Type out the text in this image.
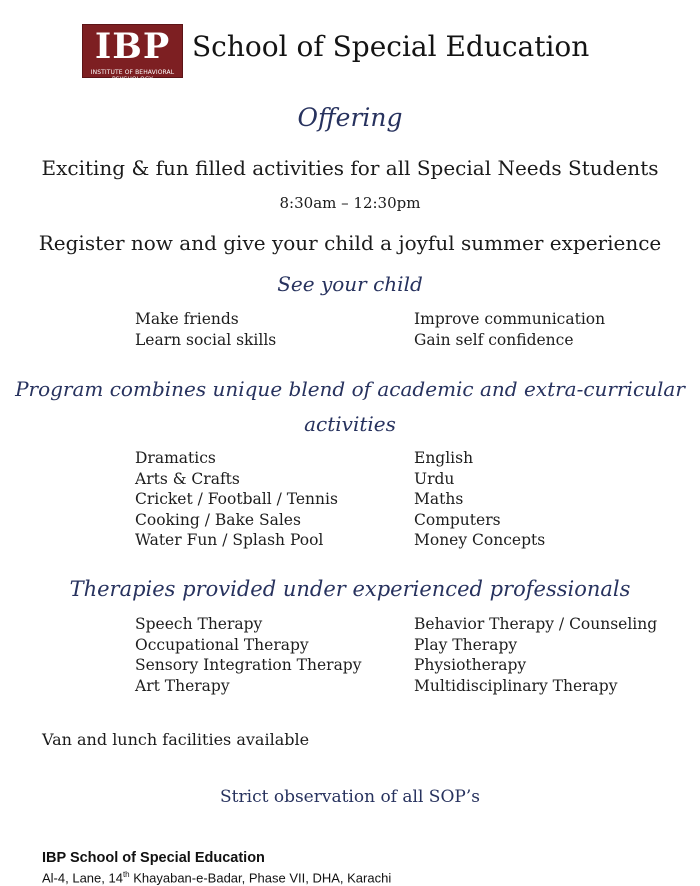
IBP
INSTITUTE OF BEHAVIORAL PSYCHOLOGY
School of Special Education
Offering
Exciting & fun filled activities for all Special Needs Students
8:30am – 12:30pm
Register now and give your child a joyful summer experience
See your child
Make friends
Learn social skills
Improve communication
Gain self confidence
Program combines unique blend of academic and extra-curricular
activities
Dramatics
Arts & Crafts
Cricket / Football / Tennis
Cooking / Bake Sales
Water Fun / Splash Pool
English
Urdu
Maths
Computers
Money Concepts
Therapies provided under experienced professionals
Speech Therapy
Occupational Therapy
Sensory Integration Therapy
Art Therapy
Behavior Therapy / Counseling
Play Therapy
Physiotherapy
Multidisciplinary Therapy
Van and lunch facilities available
Strict observation of all SOP’s
IBP School of Special Education
Al-4, Lane, 14th Khayaban-e-Badar, Phase VII, DHA, Karachi
